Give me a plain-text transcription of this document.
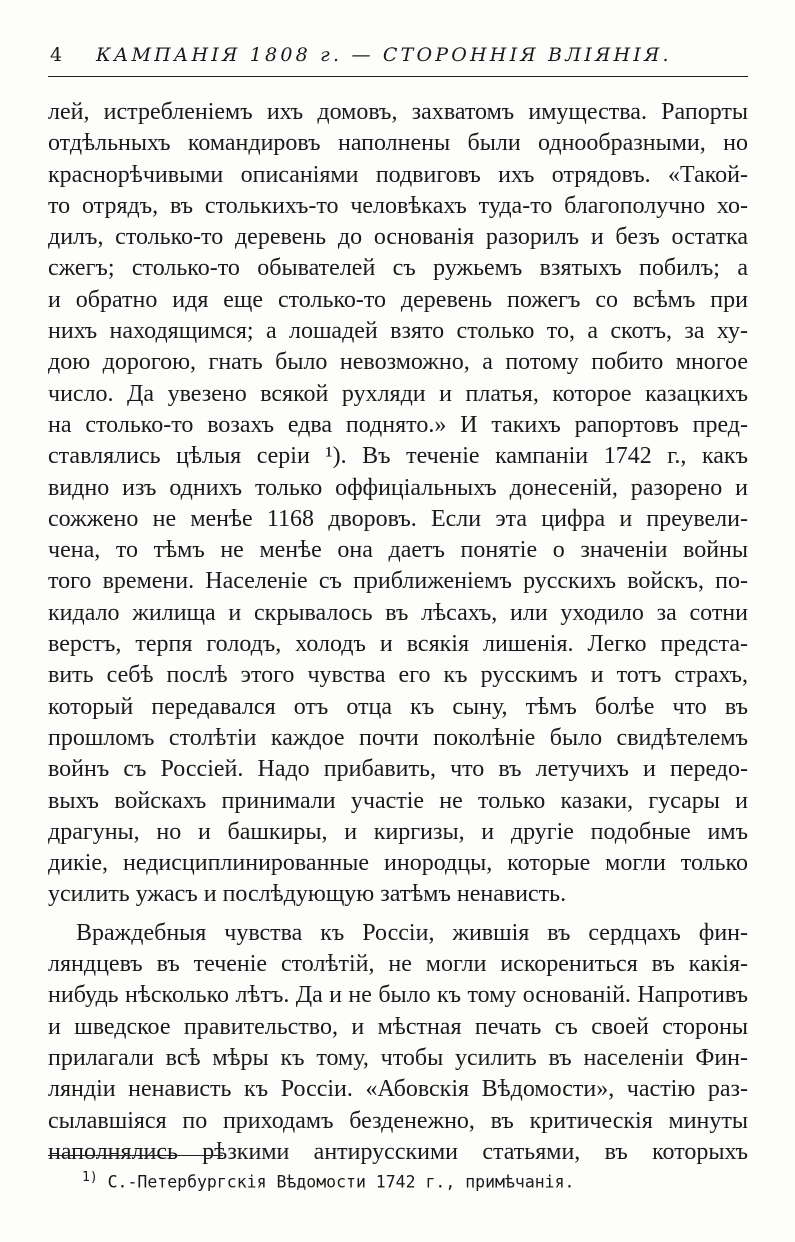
4	КАМПАНІЯ 1808 г. — СТОРОННІЯ ВЛІЯНІЯ.
лей, истребленіемъ ихъ домовъ, захватомъ имущества. Рапорты
отдѣльныхъ командировъ наполнены были однообразными, но
краснорѣчивыми описаніями подвиговъ ихъ отрядовъ. «Такой-
то отрядъ, въ столькихъ-то человѣкахъ туда-то благополучно хо-
дилъ, столько-то деревень до основанія разорилъ и безъ остатка
сжегъ; столько-то обывателей съ ружьемъ взятыхъ побилъ; а
и обратно идя еще столько-то деревень пожегъ со всѣмъ при
нихъ находящимся; а лошадей взято столько то, а скотъ, за ху-
дою дорогою, гнать было невозможно, а потому побито многое
число. Да увезено всякой рухляди и платья, которое казацкихъ
на столько-то возахъ едва поднято.» И такихъ рапортовъ пред-
ставлялись цѣлыя серіи ¹). Въ теченіе кампаніи 1742 г., какъ
видно изъ однихъ только оффиціальныхъ донесеній, разорено и
сожжено не менѣе 1168 дворовъ. Если эта цифра и преувели-
чена, то тѣмъ не менѣе она даетъ понятіе о значеніи войны
того времени. Населеніе съ приближеніемъ русскихъ войскъ, по-
кидало жилища и скрывалось въ лѣсахъ, или уходило за сотни
верстъ, терпя голодъ, холодъ и всякія лишенія. Легко предста-
вить себѣ послѣ этого чувства его къ русскимъ и тотъ страхъ,
который передавался отъ отца къ сыну, тѣмъ болѣе что въ
прошломъ столѣтіи каждое почти поколѣніе было свидѣтелемъ
войнъ съ Россіей. Надо прибавить, что въ летучихъ и передо-
выхъ войскахъ принимали участіе не только казаки, гусары и
драгуны, но и башкиры, и киргизы, и другіе подобные имъ
дикіе, недисциплинированные инородцы, которые могли только
усилить ужасъ и послѣдующую затѣмъ ненависть.
Враждебныя чувства къ Россіи, жившія въ сердцахъ фин-
ляндцевъ въ теченіе столѣтій, не могли искорениться въ какія-
нибудь нѣсколько лѣтъ. Да и не было къ тому основаній. Напротивъ
и шведское правительство, и мѣстная печать съ своей стороны
прилагали всѣ мѣры къ тому, чтобы усилить въ населеніи Фин-
ляндіи ненависть къ Россіи. «Абовскія Вѣдомости», частію раз-
сылавшіяся по приходамъ безденежно, въ критическія минуты
наполнялись рѣзкими антирусскими статьями, въ которыхъ
$^{1)}$ С.-Петербургскія Вѣдомости 1742 г., примѣчанія.
